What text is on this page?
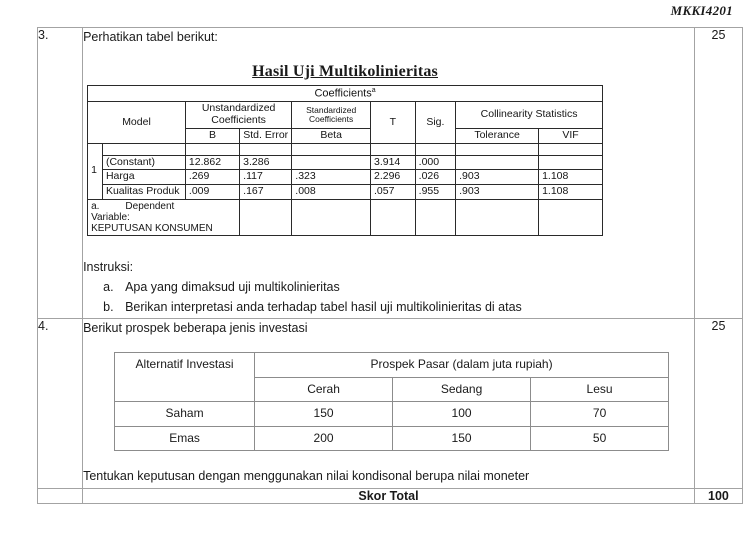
MKKI4201
3.	Perhatikan tabel berikut:
Hasil Uji Multikolinieritas
Coefficients$^a$
Model	Unstandardized Coefficients	Standardized Coefficients	T	Sig.	Collinearity Statistics
B	Std. Error	Beta	Tolerance	VIF
1								
(Constant)	12.862	3.286		3.914	.000		
Harga	.269	.117	.323	2.296	.026	.903	1.108
Kualitas Produk	.009	.167	.008	.057	.955	.903	1.108

a.	DependentVariable:
KEPUTUSAN KONSUMEN						
Instruksi:
a. Apa yang dimaksud uji multikolinieritas
b. Berikan interpretasi anda terhadap tabel hasil uji multikolinieritas di atas
	25
4.	Berikut prospek beberapa jenis investasi
Alternatif Investasi	Prospek Pasar (dalam juta rupiah)
Cerah	Sedang	Lesu
Saham	150	100	70
Emas	200	150	50
Tentukan keputusan dengan menggunakan nilai kondisonal berupa nilai moneter
	25
	Skor Total	100
